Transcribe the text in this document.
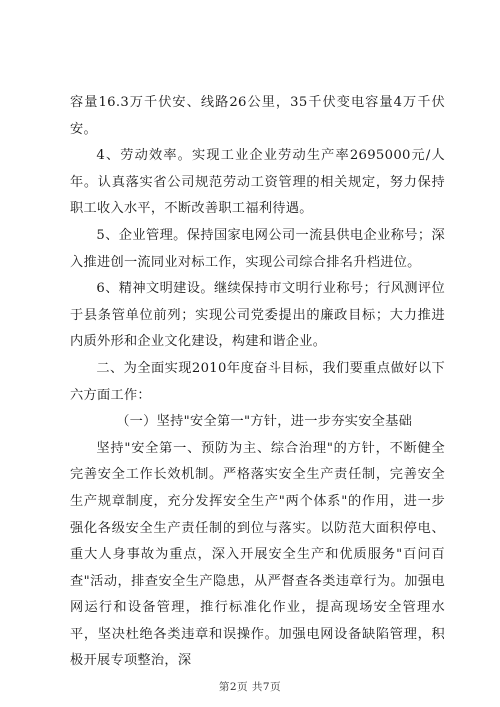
容量16.3万千伏安、线路26公里，35千伏变电容量4万千伏安。

4、劳动效率。实现工业企业劳动生产率2695000元/人年。认真落实省公司规范劳动工资管理的相关规定，努力保持职工收入水平，不断改善职工福利待遇。

5、企业管理。保持国家电网公司一流县供电企业称号；深入推进创一流同业对标工作，实现公司综合排名升档进位。

6、精神文明建设。继续保持市文明行业称号；行风测评位于县条管单位前列；实现公司党委提出的廉政目标；大力推进内质外形和企业文化建设，构建和谐企业。

二、为全面实现2010年度奋斗目标，我们要重点做好以下六方面工作：

（一）坚持"安全第一"方针，进一步夯实安全基础

坚持"安全第一、预防为主、综合治理"的方针，不断健全完善安全工作长效机制。严格落实安全生产责任制，完善安全生产规章制度，充分发挥安全生产"两个体系"的作用，进一步强化各级安全生产责任制的到位与落实。以防范大面积停电、重大人身事故为重点，深入开展安全生产和优质服务"百问百查"活动，排查安全生产隐患，从严督查各类违章行为。加强电网运行和设备管理，推行标准化作业，提高现场安全管理水平，坚决杜绝各类违章和误操作。加强电网设备缺陷管理，积极开展专项整治，深

第2页 共7页
